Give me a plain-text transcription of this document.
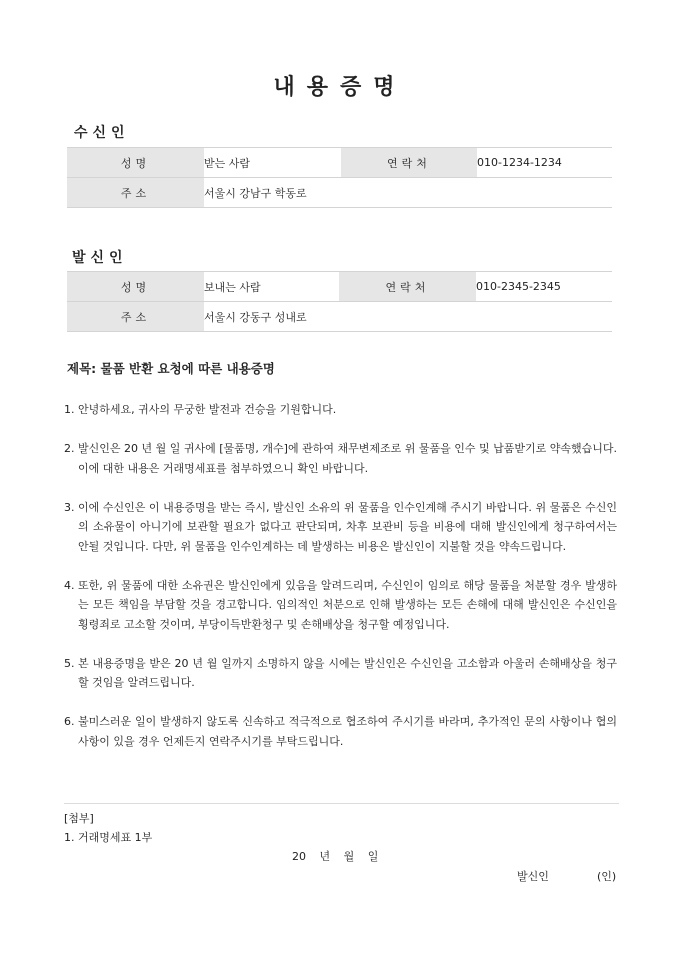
내용증명
수신인
성명	받는 사람	연락처	010-1234-1234
주소	서울시 강남구 학동로		
발신인
성명	보내는 사람	연락처	010-2345-2345
주소	서울시 강동구 성내로		
제목: 물품 반환 요청에 따른 내용증명
1. 안녕하세요, 귀사의 무궁한 발전과 건승을 기원합니다.
2. 발신인은 20 년 월 일 귀사에 [물품명, 개수]에 관하여 채무변제조로 위 물품을 인수 및 납품받기로 약속했습니다. 이에 대한 내용은 거래명세표를 첨부하였으니 확인 바랍니다.
3. 이에 수신인은 이 내용증명을 받는 즉시, 발신인 소유의 위 물품을 인수인계해 주시기 바랍니다. 위 물품은 수신인의 소유물이 아니기에 보관할 필요가 없다고 판단되며, 차후 보관비 등을 비용에 대해 발신인에게 청구하여서는 안될 것입니다. 다만, 위 물품을 인수인계하는 데 발생하는 비용은 발신인이 지불할 것을 약속드립니다.
4. 또한, 위 물품에 대한 소유권은 발신인에게 있음을 알려드리며, 수신인이 임의로 해당 물품을 처분할 경우 발생하는 모든 책임을 부담할 것을 경고합니다. 임의적인 처분으로 인해 발생하는 모든 손해에 대해 발신인은 수신인을 횡령죄로 고소할 것이며, 부당이득반환청구 및 손해배상을 청구할 예정입니다.
5. 본 내용증명을 받은 20 년 월 일까지 소명하지 않을 시에는 발신인은 수신인을 고소함과 아울러 손해배상을 청구할 것임을 알려드립니다.
6. 불미스러운 일이 발생하지 않도록 신속하고 적극적으로 협조하여 주시기를 바라며, 추가적인 문의 사항이나 협의 사항이 있을 경우 언제든지 연락주시기를 부탁드립니다.
[첨부]
1. 거래명세표 1부
20 년 월 일
발신인	(인)
